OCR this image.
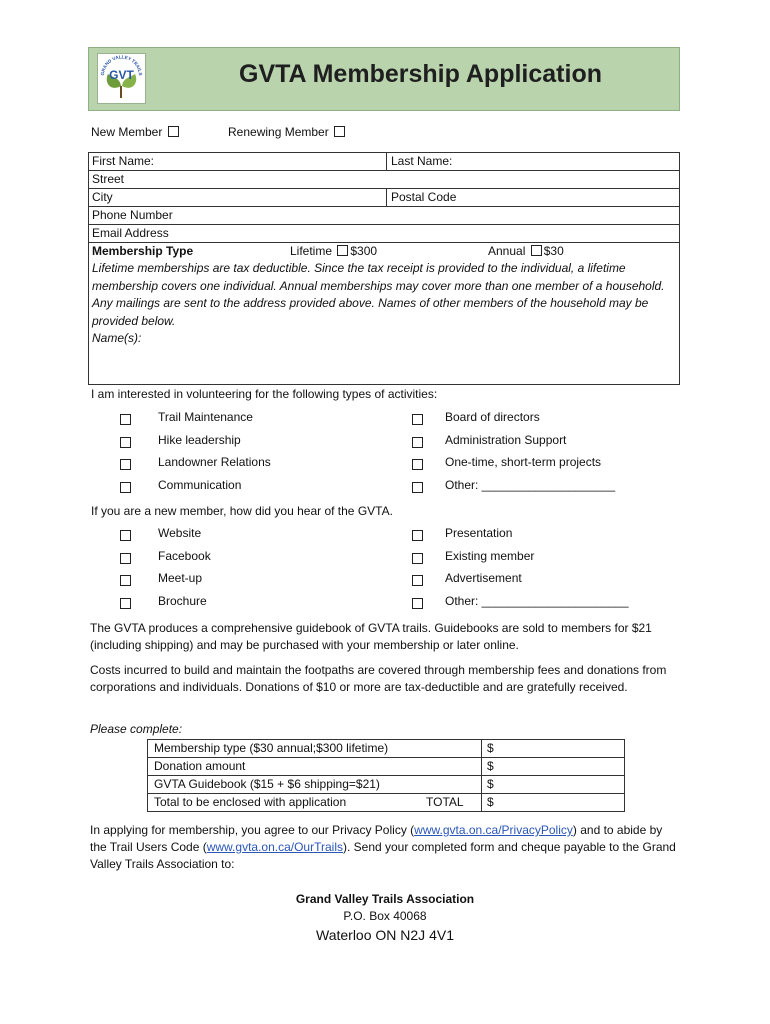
GVT
GRAND VALLEY TRAILS	GVTA Membership Application
New Member	Renewing Member
First Name:	Last Name:
Street
City	Postal Code
Phone Number
Email Address
Membership Type	Lifetime $300	Annual $30
Lifetime memberships are tax deductible. Since the tax receipt is provided to the individual, a lifetime membership covers one individual. Annual memberships may cover more than one member of a household. Any mailings are sent to the address provided above. Names of other members of the household may be provided below.
Name(s):
I am interested in volunteering for the following types of activities:
Trail Maintenance
Hike leadership
Landowner Relations
Communication
Board of directors
Administration Support
One-time, short-term projects
Other: ____________________
If you are a new member, how did you hear of the GVTA.
Website
Facebook
Meet-up
Brochure
Presentation
Existing member
Advertisement
Other: ______________________
The GVTA produces a comprehensive guidebook of GVTA trails. Guidebooks are sold to members for $21 (including shipping) and may be purchased with your membership or later online.
Costs incurred to build and maintain the footpaths are covered through membership fees and donations from corporations and individuals. Donations of $10 or more are tax-deductible and are gratefully received.
Please complete:
Membership type ($30 annual;$300 lifetime)	$
Donation amount	$
GVTA Guidebook ($15 + $6 shipping=$21)	$
Total to be enclosed with application	TOTAL $
In applying for membership, you agree to our Privacy Policy (www.gvta.on.ca/PrivacyPolicy) and to abide by the Trail Users Code (www.gvta.on.ca/OurTrails). Send your completed form and cheque payable to the Grand Valley Trails Association to:
Grand Valley Trails Association
P.O. Box 40068
Waterloo ON N2J 4V1
